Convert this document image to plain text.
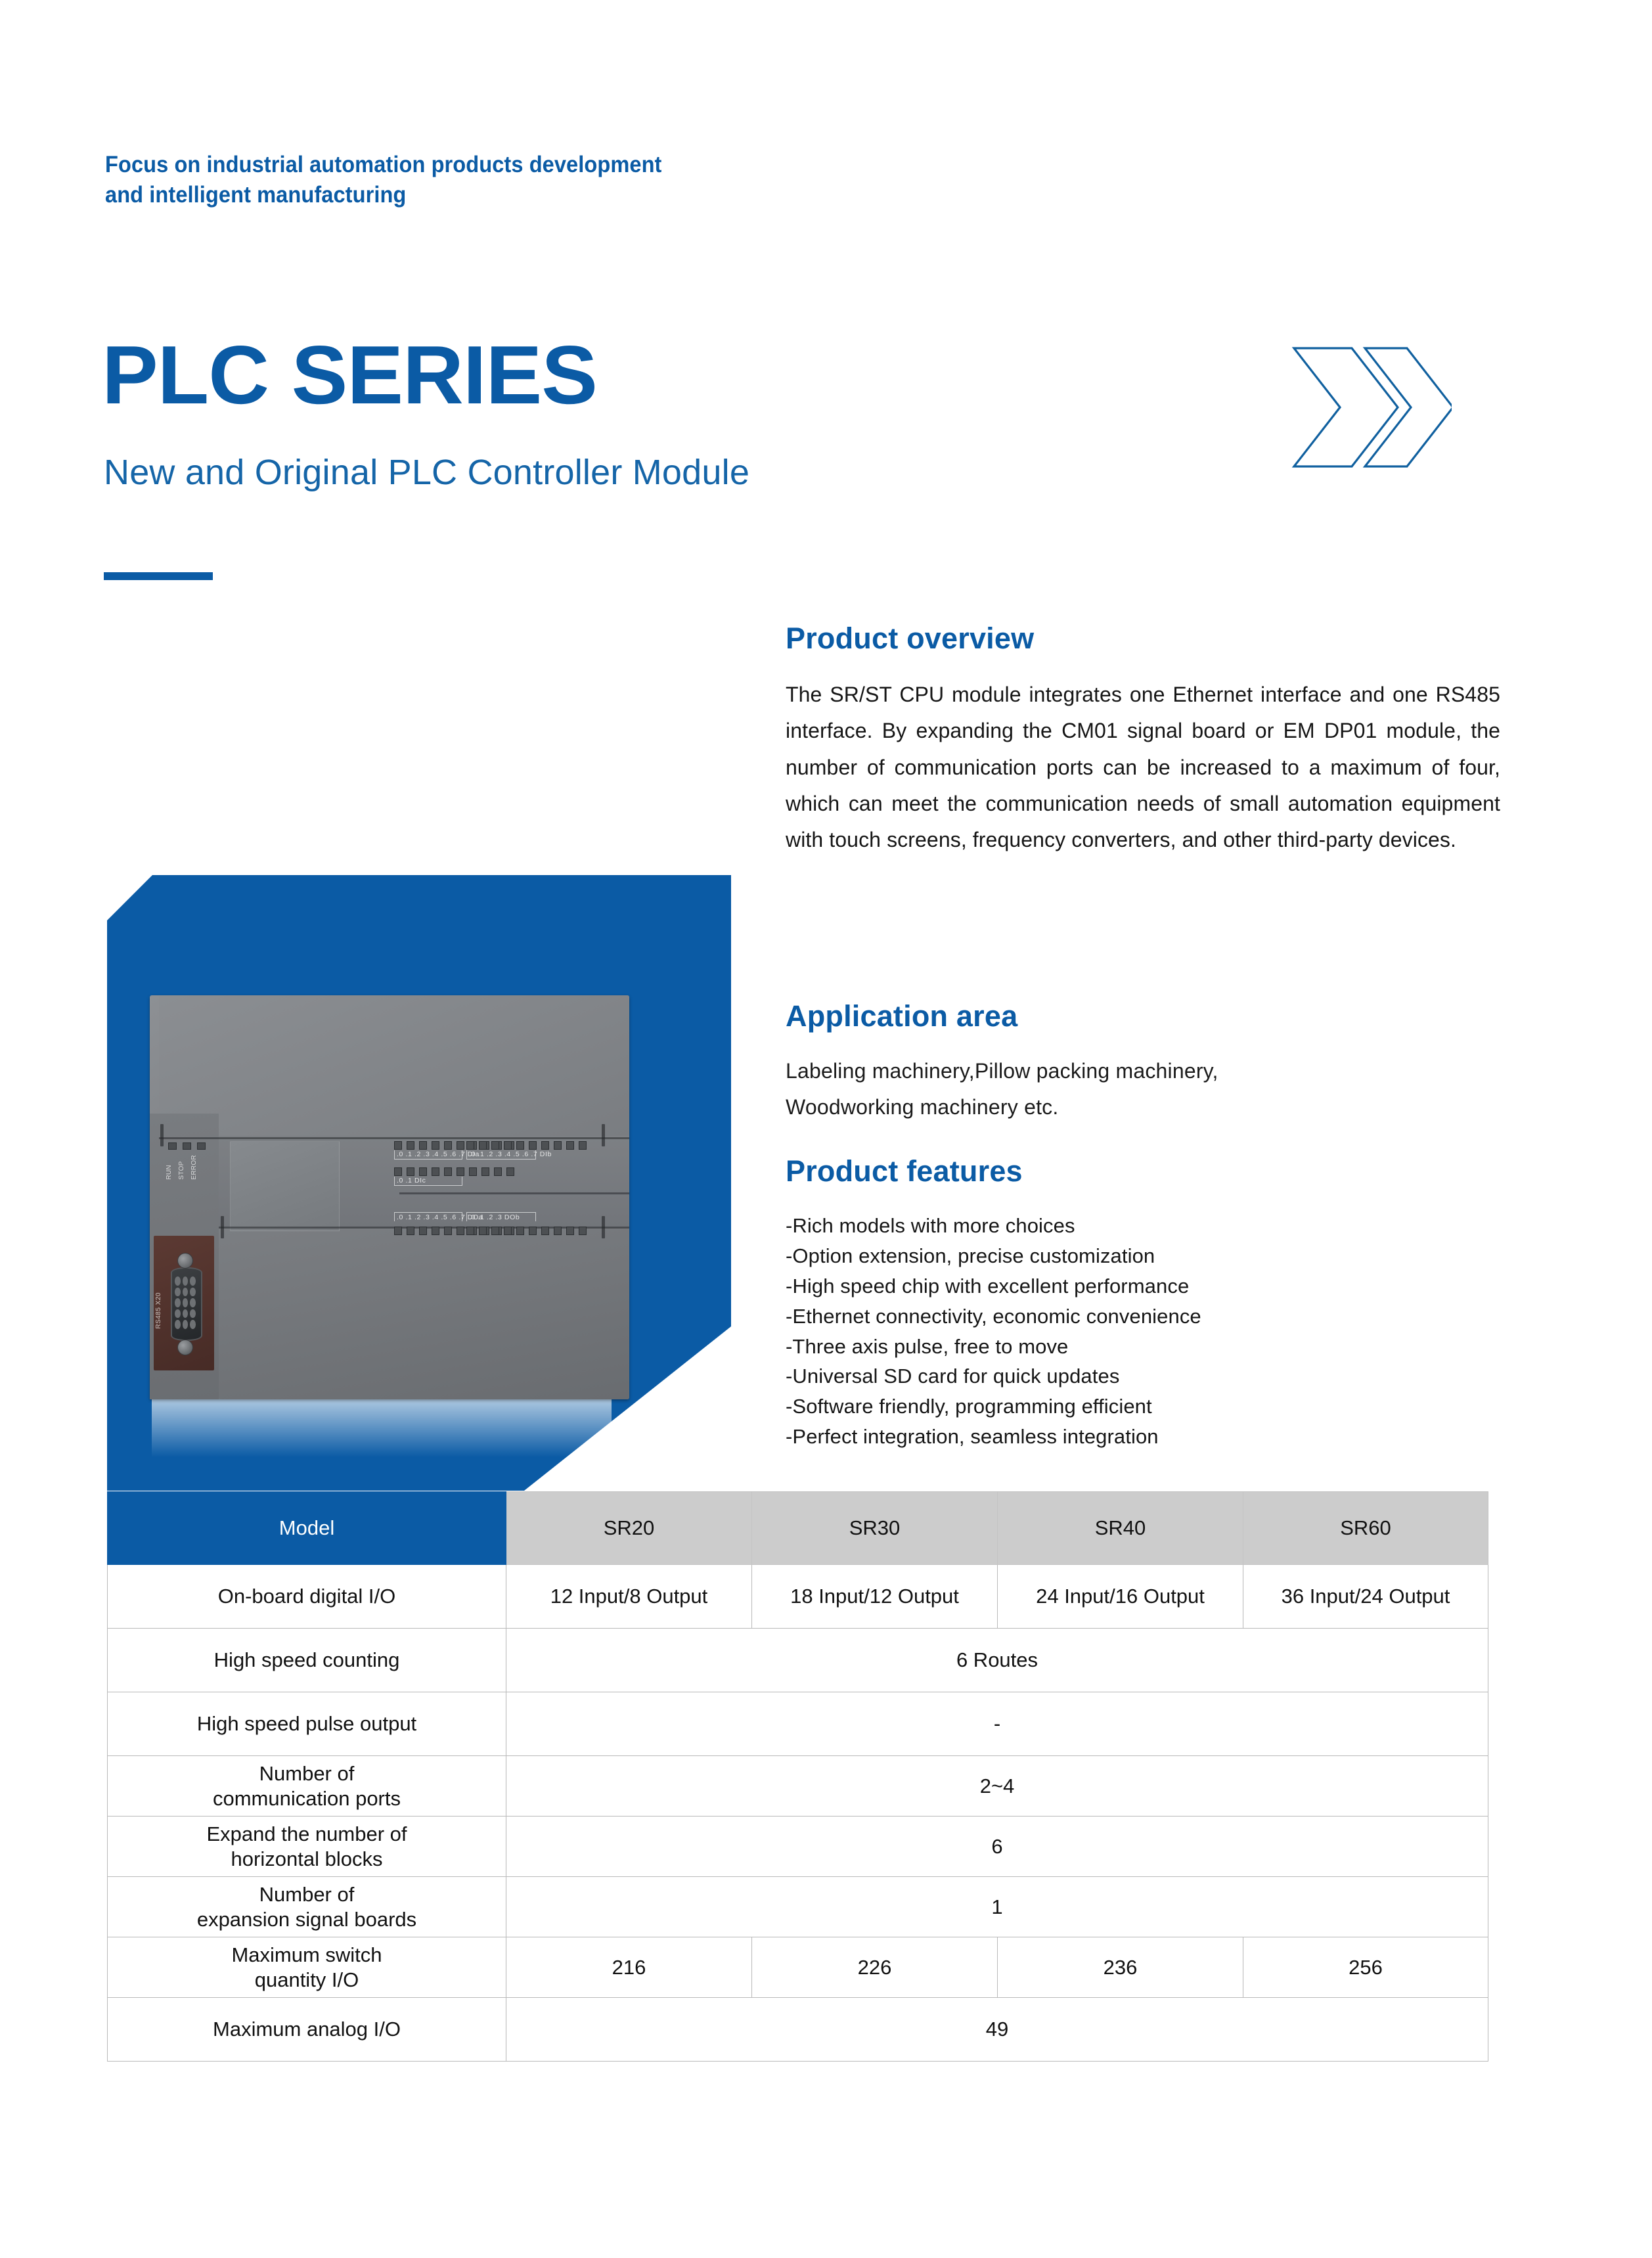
Focus on industrial automation products development
and intelligent manufacturing
PLC SERIES
New and Original PLC Controller Module
RUN STOP ERROR
RS485 X20
.0 .1 .2 .3 .4 .5 .6 .7 DIa
.0 .1 .2 .3 .4 .5 .6 .7 DIb
.0 .1 DIc
.0 .1 .2 .3 .4 .5 .6 .7 DOa
.0 .1 .2 .3 DOb
Product overview
The SR/ST CPU module integrates one Ethernet interface and one RS485 interface. By expanding the CM01 signal board or EM DP01 module, the number of communication ports can be increased to a maximum of four, which can meet the communication needs of small automation equipment with touch screens, frequency converters, and other third-party devices.
Application area
Labeling machinery,Pillow packing machinery,
Woodworking machinery etc.
Product features
-Rich models with more choices
-Option extension, precise customization
-High speed chip with excellent performance
-Ethernet connectivity, economic convenience
-Three axis pulse, free to move
-Universal SD card for quick updates
-Software friendly, programming efficient
-Perfect integration, seamless integration
Model	SR20	SR30	SR40	SR60
On-board digital I/O	12 Input/8 Output	18 Input/12 Output	24 Input/16 Output	36 Input/24 Output
High speed counting	6 Routes			
High speed pulse output	-			

Number of
communication ports	2~4			

Expand the number of
horizontal blocks	6			

Number of
expansion signal boards	1			

Maximum switch
quantity I/O	216	226	236	256
Maximum analog I/O	49			
